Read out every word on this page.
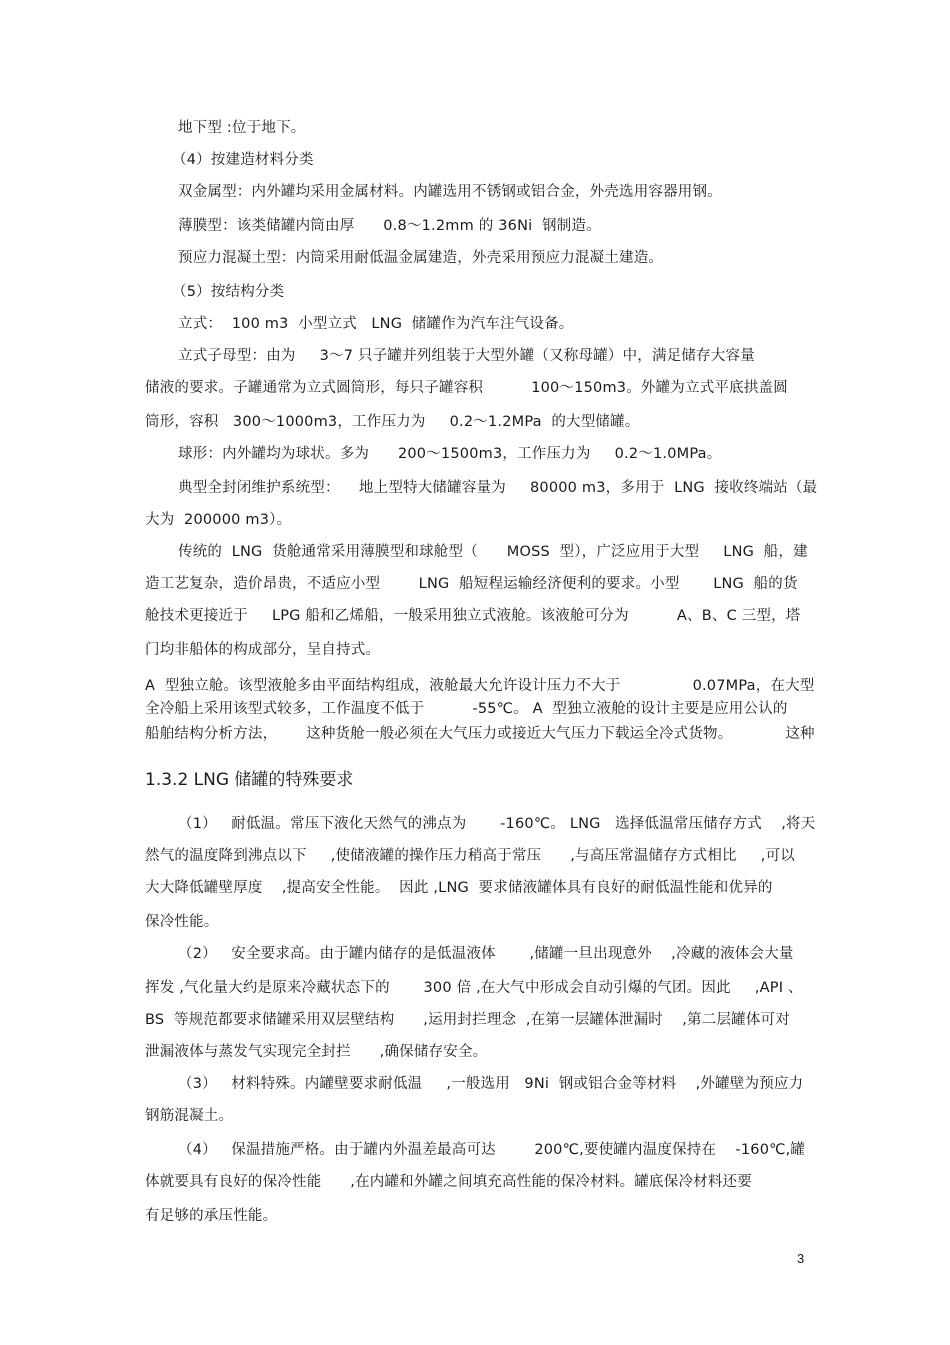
地下型 :位于地下。
（4）按建造材料分类
双金属型：内外罐均采用金属材料。内罐选用不锈钢或铝合金，外壳选用容器用钢。
薄膜型：该类储罐内筒由厚      0.8～1.2mm 的 36Ni  钢制造。
预应力混凝土型：内筒采用耐低温金属建造，外壳采用预应力混凝土建造。
（5）按结构分类
立式：  100 m3  小型立式   LNG  储罐作为汽车注气设备。
立式子母型：由为     3～7 只子罐并列组装于大型外罐（又称母罐）中，满足储存大容量
储液的要求。子罐通常为立式圆筒形，每只子罐容积          100～150m3。外罐为立式平底拱盖圆
筒形，容积   300～1000m3，工作压力为     0.2～1.2MPa  的大型储罐。
球形：内外罐均为球状。多为      200～1500m3，工作压力为     0.2～1.0MPa。
典型全封闭维护系统型：    地上型特大储罐容量为     80000 m3，多用于  LNG  接收终端站（最
大为  200000 m3）。
传统的  LNG  货舱通常采用薄膜型和球舱型（      MOSS  型），广泛应用于大型     LNG  船，建
造工艺复杂，造价昂贵，不适应小型        LNG  船短程运输经济便利的要求。小型       LNG  船的货
舱技术更接近于     LPG 船和乙烯船，一般采用独立式液舱。该液舱可分为          A、B、C 三型，塔
门均非船体的构成部分，呈自持式。
A  型独立舱。该型液舱多由平面结构组成，液舱最大允许设计压力不大于               0.07MPa，在大型
全冷船上采用该型式较多，工作温度不低于          -55℃。 A  型独立液舱的设计主要是应用公认的
船舶结构分析方法，      这种货舱一般必须在大气压力或接近大气压力下载运全冷式货物。           这种
1.3.2 LNG 储罐的特殊要求
（1）   耐低温。常压下液化天然气的沸点为       -160℃。 LNG   选择低温常压储存方式    ,将天
然气的温度降到沸点以下     ,使储液罐的操作压力稍高于常压      ,与高压常温储存方式相比     ,可以
大大降低罐壁厚度    ,提高安全性能。  因此 ,LNG  要求储液罐体具有良好的耐低温性能和优异的
保冷性能。
（2）   安全要求高。由于罐内储存的是低温液体       ,储罐一旦出现意外    ,冷藏的液体会大量
挥发 ,气化量大约是原来冷藏状态下的       300 倍 ,在大气中形成会自动引爆的气团。因此     ,API 、
BS  等规范都要求储罐采用双层壁结构      ,运用封拦理念  ,在第一层罐体泄漏时    ,第二层罐体可对
泄漏液体与蒸发气实现完全封拦      ,确保储存安全。
（3）   材料特殊。内罐壁要求耐低温     ,一般选用   9Ni  钢或铝合金等材料    ,外罐壁为预应力
钢筋混凝土。
（4）   保温措施严格。由于罐内外温差最高可达        200℃,要使罐内温度保持在    -160℃,罐
体就要具有良好的保冷性能      ,在内罐和外罐之间填充高性能的保冷材料。罐底保冷材料还要
有足够的承压性能。
3
